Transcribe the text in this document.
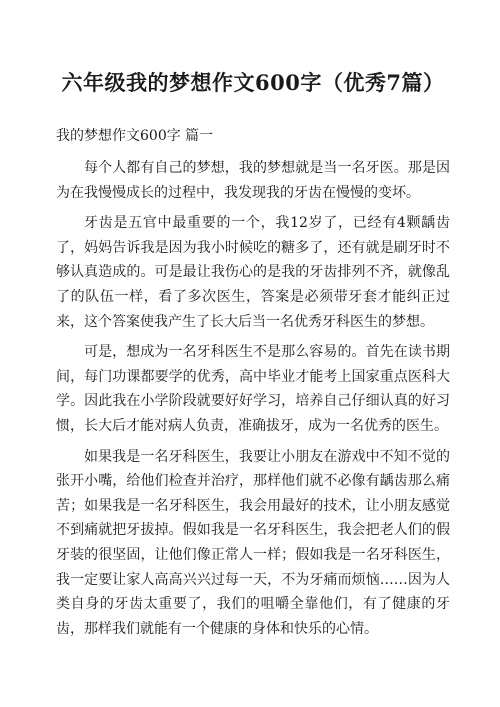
六年级我的梦想作文600字（优秀7篇）

我的梦想作文600字 篇一

每个人都有自己的梦想，我的梦想就是当一名牙医。那是因为在我慢慢成长的过程中，我发现我的牙齿在慢慢的变坏。

牙齿是五官中最重要的一个，我12岁了，已经有4颗龋齿了，妈妈告诉我是因为我小时候吃的糖多了，还有就是刷牙时不够认真造成的。可是最让我伤心的是我的牙齿排列不齐，就像乱了的队伍一样，看了多次医生，答案是必须带牙套才能纠正过来，这个答案使我产生了长大后当一名优秀牙科医生的梦想。

可是，想成为一名牙科医生不是那么容易的。首先在读书期间，每门功课都要学的优秀，高中毕业才能考上国家重点医科大学。因此我在小学阶段就要好好学习，培养自己仔细认真的好习惯，长大后才能对病人负责，准确拔牙，成为一名优秀的医生。

如果我是一名牙科医生，我要让小朋友在游戏中不知不觉的张开小嘴，给他们检查并治疗，那样他们就不必像有龋齿那么痛苦；如果我是一名牙科医生，我会用最好的技术，让小朋友感觉不到痛就把牙拔掉。假如我是一名牙科医生，我会把老人们的假牙装的很坚固，让他们像正常人一样；假如我是一名牙科医生，我一定要让家人高高兴兴过每一天，不为牙痛而烦恼……因为人类自身的牙齿太重要了，我们的咀嚼全靠他们，有了健康的牙齿，那样我们就能有一个健康的身体和快乐的心情。
